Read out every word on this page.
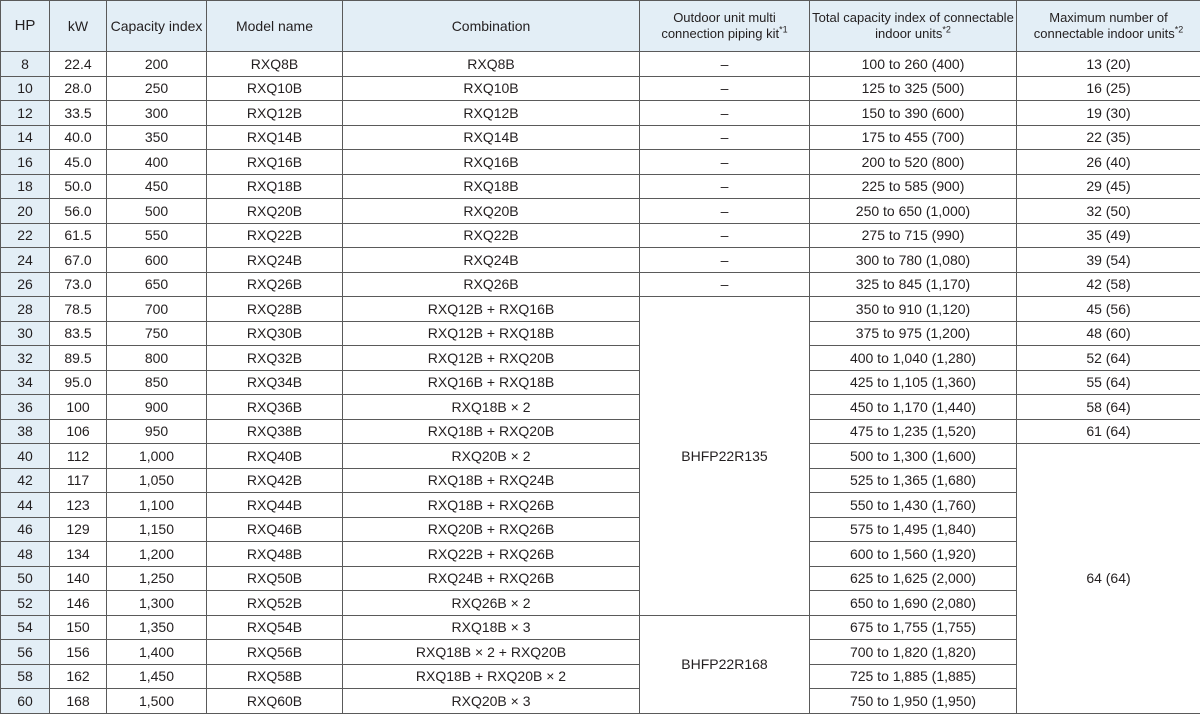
HP	kW	Capacity index	Model name	Combination	Outdoor unit multi connection piping kit$^{*1}$	Total capacity index of connectable indoor units$^{*2}$	Maximum number of connectable indoor units$^{*2}$
8	22.4	200	RXQ8B	RXQ8B	–	100 to 260 (400)	13 (20)
10	28.0	250	RXQ10B	RXQ10B	–	125 to 325 (500)	16 (25)
12	33.5	300	RXQ12B	RXQ12B	–	150 to 390 (600)	19 (30)
14	40.0	350	RXQ14B	RXQ14B	–	175 to 455 (700)	22 (35)
16	45.0	400	RXQ16B	RXQ16B	–	200 to 520 (800)	26 (40)
18	50.0	450	RXQ18B	RXQ18B	–	225 to 585 (900)	29 (45)
20	56.0	500	RXQ20B	RXQ20B	–	250 to 650 (1,000)	32 (50)
22	61.5	550	RXQ22B	RXQ22B	–	275 to 715 (990)	35 (49)
24	67.0	600	RXQ24B	RXQ24B	–	300 to 780 (1,080)	39 (54)
26	73.0	650	RXQ26B	RXQ26B	–	325 to 845 (1,170)	42 (58)
28	78.5	700	RXQ28B	RXQ12B + RXQ16B	BHFP22R135	350 to 910 (1,120)	45 (56)
30	83.5	750	RXQ30B	RXQ12B + RXQ18B		375 to 975 (1,200)	48 (60)
32	89.5	800	RXQ32B	RXQ12B + RXQ20B		400 to 1,040 (1,280)	52 (64)
34	95.0	850	RXQ34B	RXQ16B + RXQ18B		425 to 1,105 (1,360)	55 (64)
36	100	900	RXQ36B	RXQ18B × 2		450 to 1,170 (1,440)	58 (64)
38	106	950	RXQ38B	RXQ18B + RXQ20B		475 to 1,235 (1,520)	61 (64)
40	112	1,000	RXQ40B	RXQ20B × 2		500 to 1,300 (1,600)	64 (64)
42	117	1,050	RXQ42B	RXQ18B + RXQ24B		525 to 1,365 (1,680)	
44	123	1,100	RXQ44B	RXQ18B + RXQ26B		550 to 1,430 (1,760)	
46	129	1,150	RXQ46B	RXQ20B + RXQ26B		575 to 1,495 (1,840)	
48	134	1,200	RXQ48B	RXQ22B + RXQ26B		600 to 1,560 (1,920)	
50	140	1,250	RXQ50B	RXQ24B + RXQ26B		625 to 1,625 (2,000)	
52	146	1,300	RXQ52B	RXQ26B × 2		650 to 1,690 (2,080)	
54	150	1,350	RXQ54B	RXQ18B × 3	BHFP22R168	675 to 1,755 (1,755)	
56	156	1,400	RXQ56B	RXQ18B × 2 + RXQ20B		700 to 1,820 (1,820)	
58	162	1,450	RXQ58B	RXQ18B + RXQ20B × 2		725 to 1,885 (1,885)	
60	168	1,500	RXQ60B	RXQ20B × 3		750 to 1,950 (1,950)	
